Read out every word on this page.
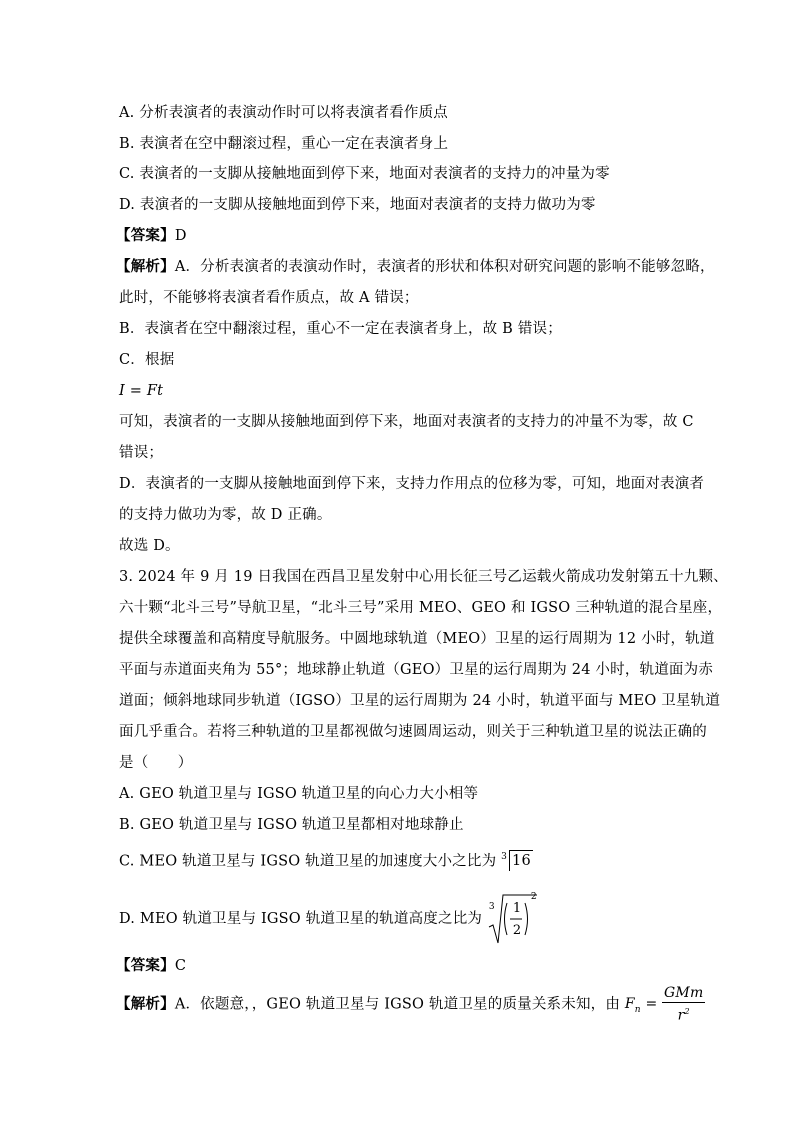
A. 分析表演者的表演动作时可以将表演者看作质点
B. 表演者在空中翻滚过程，重心一定在表演者身上
C. 表演者的一支脚从接触地面到停下来，地面对表演者的支持力的冲量为零
D. 表演者的一支脚从接触地面到停下来，地面对表演者的支持力做功为零
【答案】D
【解析】A．分析表演者的表演动作时，表演者的形状和体积对研究问题的影响不能够忽略，
此时，不能够将表演者看作质点，故 A 错误；
B．表演者在空中翻滚过程，重心不一定在表演者身上，故 B 错误；
C．根据
I = Ft
可知，表演者的一支脚从接触地面到停下来，地面对表演者的支持力的冲量不为零，故 C
错误；
D．表演者的一支脚从接触地面到停下来，支持力作用点的位移为零，可知，地面对表演者
的支持力做功为零，故 D 正确。
故选 D。
3. 2024 年 9 月 19 日我国在西昌卫星发射中心用长征三号乙运载火箭成功发射第五十九颗、
六十颗“北斗三号”导航卫星，“北斗三号”采用 MEO、GEO 和 IGSO 三种轨道的混合星座，
提供全球覆盖和高精度导航服务。中圆地球轨道（MEO）卫星的运行周期为 12 小时，轨道
平面与赤道面夹角为 55°；地球静止轨道（GEO）卫星的运行周期为 24 小时，轨道面为赤
道面；倾斜地球同步轨道（IGSO）卫星的运行周期为 24 小时，轨道平面与 MEO 卫星轨道
面几乎重合。若将三种轨道的卫星都视做匀速圆周运动，则关于三种轨道卫星的说法正确的
是（　　）
A. GEO 轨道卫星与 IGSO 轨道卫星的向心力大小相等
B. GEO 轨道卫星与 IGSO 轨道卫星都相对地球静止
C. MEO 轨道卫星与 IGSO 轨道卫星的加速度大小之比为 $^3$ 16
D. MEO 轨道卫星与 IGSO 轨道卫星的轨道高度之比为
3 1
2
2
【答案】C
【解析】A．依题意，，GEO 轨道卫星与 IGSO 轨道卫星的质量关系未知，由 $F_n = \frac{\text{GMm}}{r^2}$
